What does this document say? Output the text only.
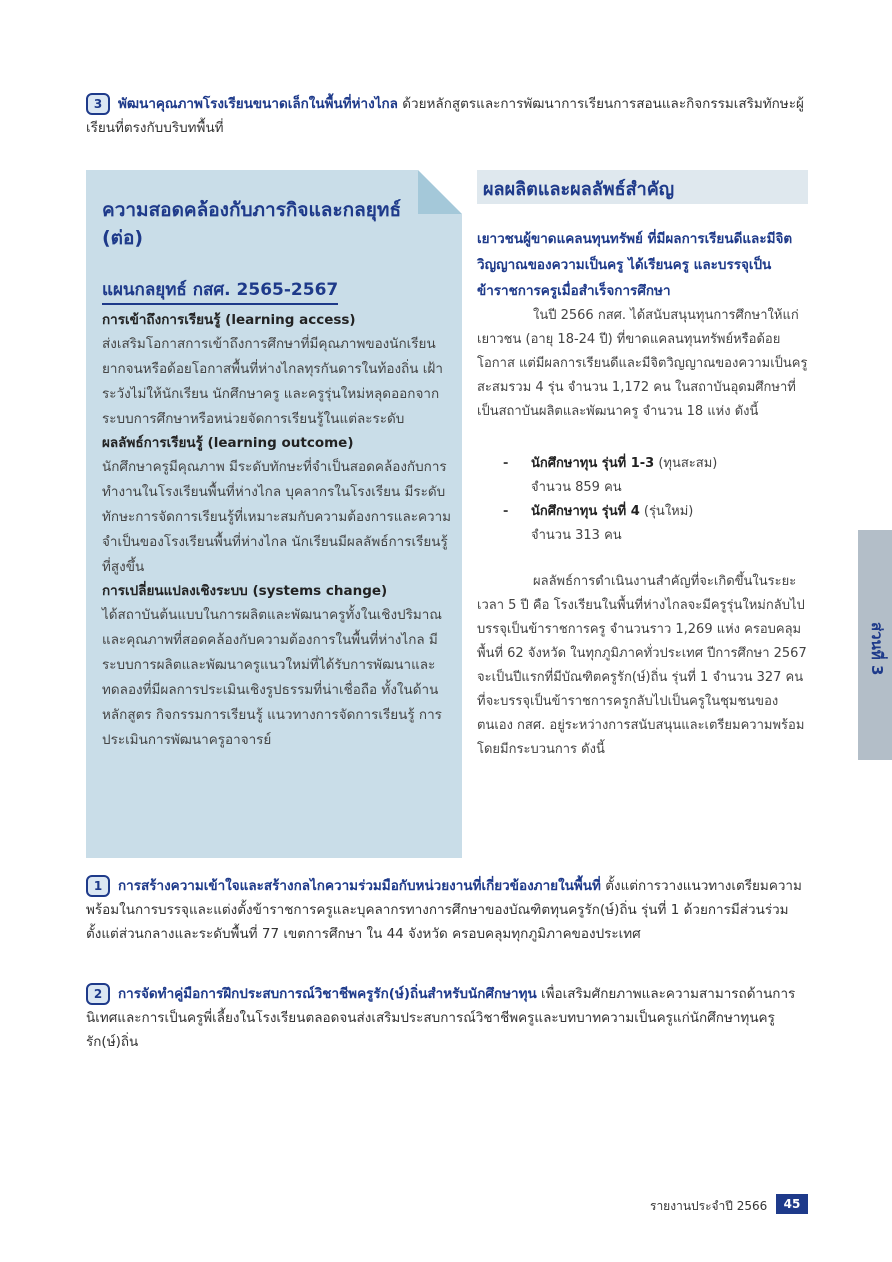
3 พัฒนาคุณภาพโรงเรียนขนาดเล็กในพื้นที่ห่างไกล ด้วยหลักสูตรและการพัฒนาการเรียนการสอนและกิจกรรมเสริมทักษะผู้เรียนที่ตรงกับบริบทพื้นที่
ความสอดคล้องกับภารกิจและกลยุทธ์ (ต่อ)
แผนกลยุทธ์ กสศ. 2565-2567
การเข้าถึงการเรียนรู้ (learning access)
ส่งเสริมโอกาสการเข้าถึงการศึกษาที่มีคุณภาพของนักเรียนยากจนหรือด้อยโอกาสพื้นที่ห่างไกลทุรกันดารในท้องถิ่น เฝ้าระวังไม่ให้นักเรียน นักศึกษาครู และครูรุ่นใหม่หลุดออกจากระบบการศึกษาหรือหน่วยจัดการเรียนรู้ในแต่ละระดับ
ผลลัพธ์การเรียนรู้ (learning outcome)
นักศึกษาครูมีคุณภาพ มีระดับทักษะที่จำเป็นสอดคล้องกับการทำงานในโรงเรียนพื้นที่ห่างไกล บุคลากรในโรงเรียน มีระดับทักษะการจัดการเรียนรู้ที่เหมาะสมกับความต้องการและความจำเป็นของโรงเรียนพื้นที่ห่างไกล นักเรียนมีผลลัพธ์การเรียนรู้ที่สูงขึ้น
การเปลี่ยนแปลงเชิงระบบ (systems change)
ได้สถาบันต้นแบบในการผลิตและพัฒนาครูทั้งในเชิงปริมาณและคุณภาพที่สอดคล้องกับความต้องการในพื้นที่ห่างไกล มีระบบการผลิตและพัฒนาครูแนวใหม่ที่ได้รับการพัฒนาและทดลองที่มีผลการประเมินเชิงรูปธรรมที่น่าเชื่อถือ ทั้งในด้านหลักสูตร กิจกรรมการเรียนรู้ แนวทางการจัดการเรียนรู้ การประเมินการพัฒนาครูอาจารย์
ผลผลิตและผลลัพธ์สำคัญ
เยาวชนผู้ขาดแคลนทุนทรัพย์ ที่มีผลการเรียนดีและมีจิตวิญญาณของความเป็นครู ได้เรียนครู และบรรจุเป็นข้าราชการครูเมื่อสำเร็จการศึกษา
ในปี 2566 กสศ. ได้สนับสนุนทุนการศึกษาให้แก่เยาวชน (อายุ 18-24 ปี) ที่ขาดแคลนทุนทรัพย์หรือด้อยโอกาส แต่มีผลการเรียนดีและมีจิตวิญญาณของความเป็นครู สะสมรวม 4 รุ่น จำนวน 1,172 คน ในสถาบันอุดมศึกษาที่เป็นสถาบันผลิตและพัฒนาครู จำนวน 18 แห่ง ดังนี้
- นักศึกษาทุน รุ่นที่ 1-3 (ทุนสะสม)
จำนวน 859 คน
- นักศึกษาทุน รุ่นที่ 4 (รุ่นใหม่)
จำนวน 313 คน
ผลลัพธ์การดำเนินงานสำคัญที่จะเกิดขึ้นในระยะเวลา 5 ปี คือ โรงเรียนในพื้นที่ห่างไกลจะมีครูรุ่นใหม่กลับไปบรรจุเป็นข้าราชการครู จำนวนราว 1,269 แห่ง ครอบคลุมพื้นที่ 62 จังหวัด ในทุกภูมิภาคทั่วประเทศ ปีการศึกษา 2567 จะเป็นปีแรกที่มีบัณฑิตครูรัก(ษ์)ถิ่น รุ่นที่ 1 จำนวน 327 คน ที่จะบรรจุเป็นข้าราชการครูกลับไปเป็นครูในชุมชนของตนเอง กสศ. อยู่ระหว่างการสนับสนุนและเตรียมความพร้อมโดยมีกระบวนการ ดังนี้
ส่วนที่ 3
1 การสร้างความเข้าใจและสร้างกลไกความร่วมมือกับหน่วยงานที่เกี่ยวข้องภายในพื้นที่ ตั้งแต่การวางแนวทางเตรียมความพร้อมในการบรรจุและแต่งตั้งข้าราชการครูและบุคลากรทางการศึกษาของบัณฑิตทุนครูรัก(ษ์)ถิ่น รุ่นที่ 1 ด้วยการมีส่วนร่วมตั้งแต่ส่วนกลางและระดับพื้นที่ 77 เขตการศึกษา ใน 44 จังหวัด ครอบคลุมทุกภูมิภาคของประเทศ
2 การจัดทำคู่มือการฝึกประสบการณ์วิชาชีพครูรัก(ษ์)ถิ่นสำหรับนักศึกษาทุน เพื่อเสริมศักยภาพและความสามารถด้านการนิเทศและการเป็นครูพี่เลี้ยงในโรงเรียนตลอดจนส่งเสริมประสบการณ์วิชาชีพครูและบทบาทความเป็นครูแก่นักศึกษาทุนครูรัก(ษ์)ถิ่น
รายงานประจำปี 2566	45
